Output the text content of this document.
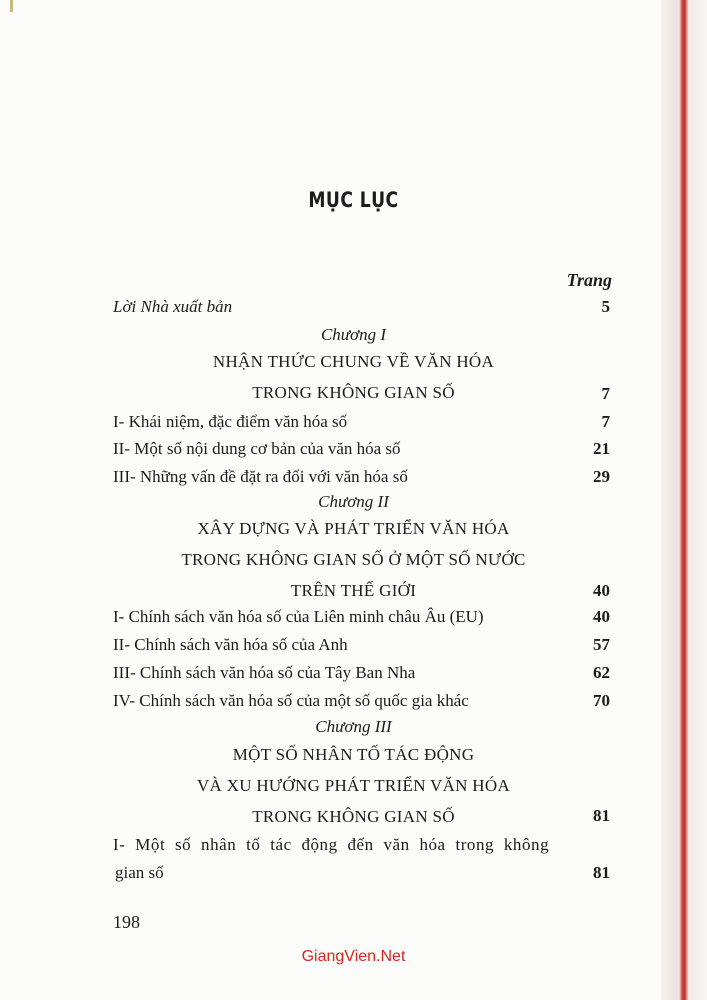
MỤC LỤC
Trang
Lời Nhà xuất bản	5
Chương I
NHẬN THỨC CHUNG VỀ VĂN HÓA
TRONG KHÔNG GIAN SỐ	7
I- Khái niệm, đặc điểm văn hóa số	7
II- Một số nội dung cơ bản của văn hóa số	21
III- Những vấn đề đặt ra đối với văn hóa số	29
Chương II
XÂY DỰNG VÀ PHÁT TRIỂN VĂN HÓA
TRONG KHÔNG GIAN SỐ Ở MỘT SỐ NƯỚC
TRÊN THẾ GIỚI	40
I- Chính sách văn hóa số của Liên minh châu Âu (EU)	40
II- Chính sách văn hóa số của Anh	57
III- Chính sách văn hóa số của Tây Ban Nha	62
IV- Chính sách văn hóa số của một số quốc gia khác	70
Chương III
MỘT SỐ NHÂN TỐ TÁC ĐỘNG
VÀ XU HƯỚNG PHÁT TRIỂN VĂN HÓA
TRONG KHÔNG GIAN SỐ	81
I- Một số nhân tố tác động đến văn hóa trong không
gian số	81
198
GiangVien.Net
